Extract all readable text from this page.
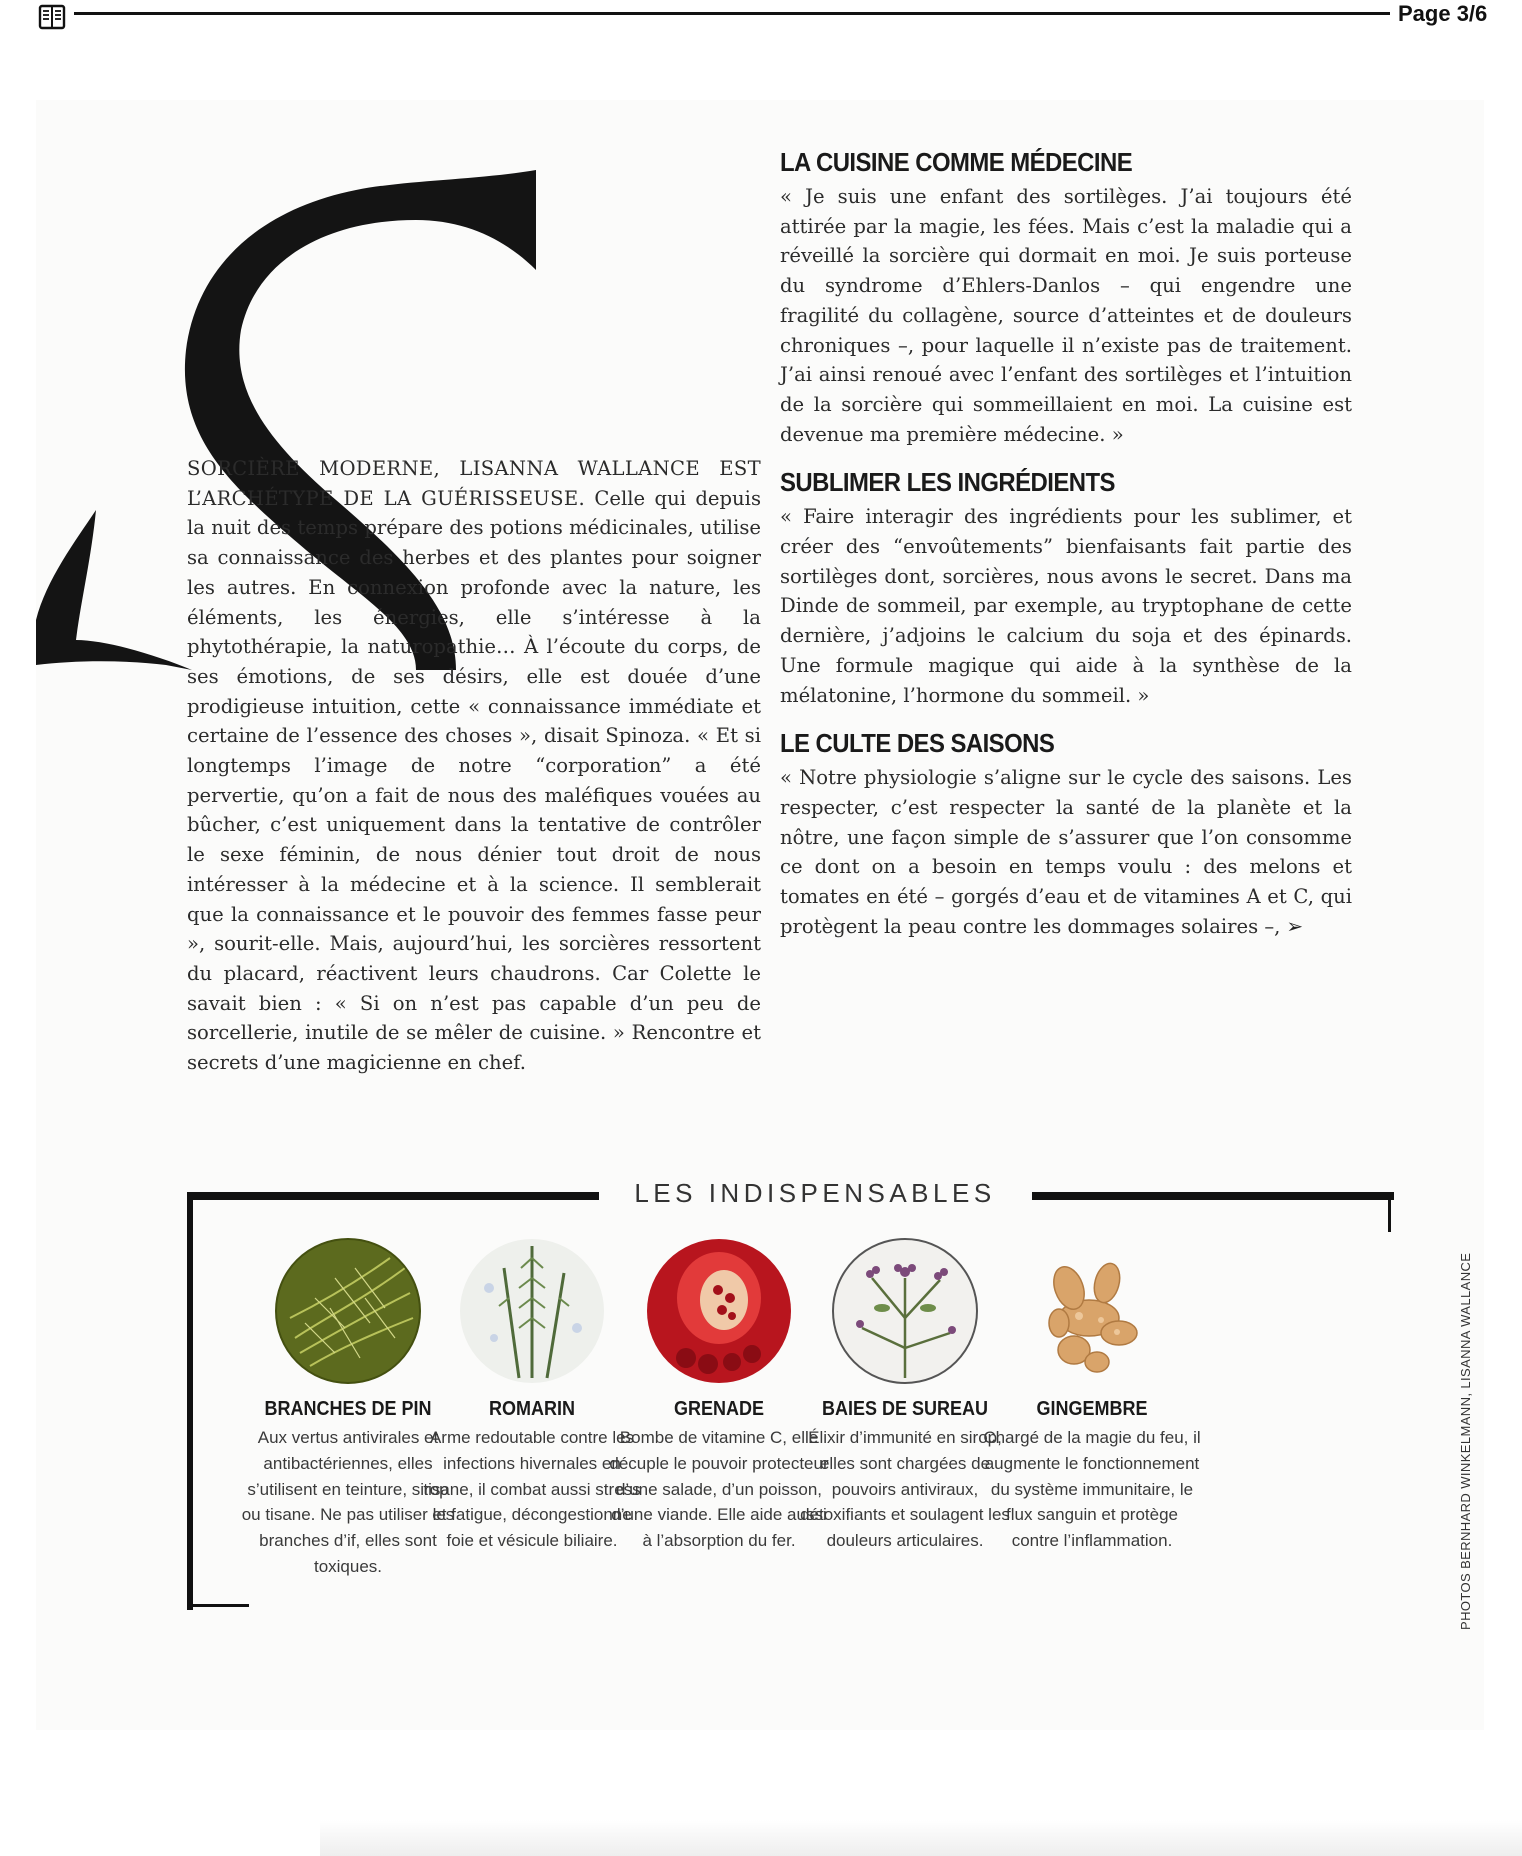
Page 3/6

SORCIÈRE MODERNE, LISANNA WALLANCE EST L’ARCHÉTYPE DE LA GUÉRISSEUSE. Celle qui depuis la nuit des temps prépare des potions médicinales, utilise sa connaissance des herbes et des plantes pour soigner les autres. En connexion profonde avec la nature, les éléments, les énergies, elle s’intéresse à la phytothérapie, la naturopathie… À l’écoute du corps, de ses émotions, de ses désirs, elle est douée d’une prodigieuse intuition, cette « connaissance immédiate et certaine de l’essence des choses », disait Spinoza. « Et si longtemps l’image de notre “corporation” a été pervertie, qu’on a fait de nous des maléfiques vouées au bûcher, c’est uniquement dans la tentative de contrôler le sexe féminin, de nous dénier tout droit de nous intéresser à la médecine et à la science. Il semblerait que la connaissance et le pouvoir des femmes fasse peur », sourit-elle. Mais, aujourd’hui, les sorcières ressortent du placard, réactivent leurs chaudrons. Car Colette le savait bien : « Si on n’est pas capable d’un peu de sorcellerie, inutile de se mêler de cuisine. » Rencontre et secrets d’une magicienne en chef.

LA CUISINE COMME MÉDECINE

« Je suis une enfant des sortilèges. J’ai toujours été attirée par la magie, les fées. Mais c’est la maladie qui a réveillé la sorcière qui dormait en moi. Je suis porteuse du syndrome d’Ehlers-Danlos – qui engendre une fragilité du collagène, source d’atteintes et de douleurs chroniques –, pour laquelle il n’existe pas de traitement. J’ai ainsi renoué avec l’enfant des sortilèges et l’intuition de la sorcière qui sommeillaient en moi. La cuisine est devenue ma première médecine. »

SUBLIMER LES INGRÉDIENTS

« Faire interagir des ingrédients pour les sublimer, et créer des “envoûtements” bienfaisants fait partie des sortilèges dont, sorcières, nous avons le secret. Dans ma Dinde de sommeil, par exemple, au tryptophane de cette dernière, j’adjoins le calcium du soja et des épinards. Une formule magique qui aide à la synthèse de la mélatonine, l’hormone du sommeil. »

LE CULTE DES SAISONS

« Notre physiologie s’aligne sur le cycle des saisons. Les respecter, c’est respecter la santé de la planète et la nôtre, une façon simple de s’assurer que l’on consomme ce dont on a besoin en temps voulu : des melons et tomates en été – gorgés d’eau et de vitamines A et C, qui protègent la peau contre les dommages solaires –, ➢

LES INDISPENSABLES
BRANCHES DE PIN

Aux vertus antivirales et antibactériennes, elles s’utilisent en teinture, sirop ou tisane. Ne pas utiliser les branches d’if, elles sont toxiques.

ROMARIN

Arme redoutable contre les infections hivernales en tisane, il combat aussi stress et fatigue, décongestionne foie et vésicule biliaire.

GRENADE

Bombe de vitamine C, elle décuple le pouvoir protecteur d’une salade, d’un poisson, d’une viande. Elle aide aussi à l’absorption du fer.

BAIES DE SUREAU

Élixir d’immunité en sirop, elles sont chargées de pouvoirs antiviraux, détoxifiants et soulagent les douleurs articulaires.

GINGEMBRE

Chargé de la magie du feu, il augmente le fonctionnement du système immunitaire, le flux sanguin et protège contre l’inflammation.	PHOTOS BERNHARD WINKELMANN, LISANNA WALLANCE
